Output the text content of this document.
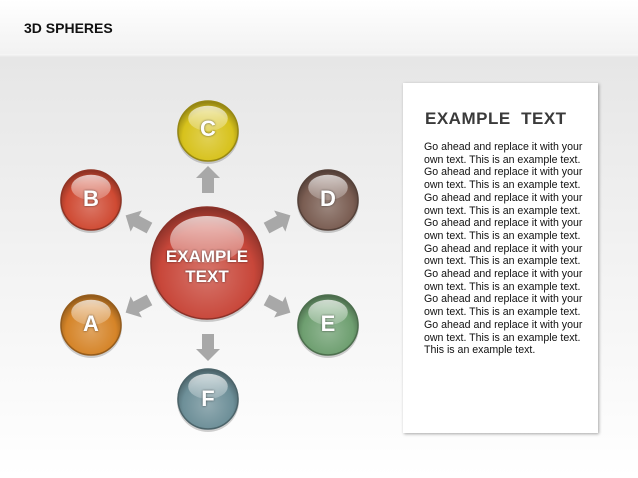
3D SPHERES
EXAMPLE
TEXT
C
B	D
A	E
F
EXAMPLE  TEXT

Go ahead and replace it with your own text. This is an example text. Go ahead and replace it with your own text. This is an example text. Go ahead and replace it with your own text. This is an example text. Go ahead and replace it with your own text. This is an example text.

Go ahead and replace it with your own text. This is an example text. Go ahead and replace it with your own text. This is an example text.

Go ahead and replace it with your own text. This is an example text. Go ahead and replace it with your own text. This is an example text. This is an example text.
